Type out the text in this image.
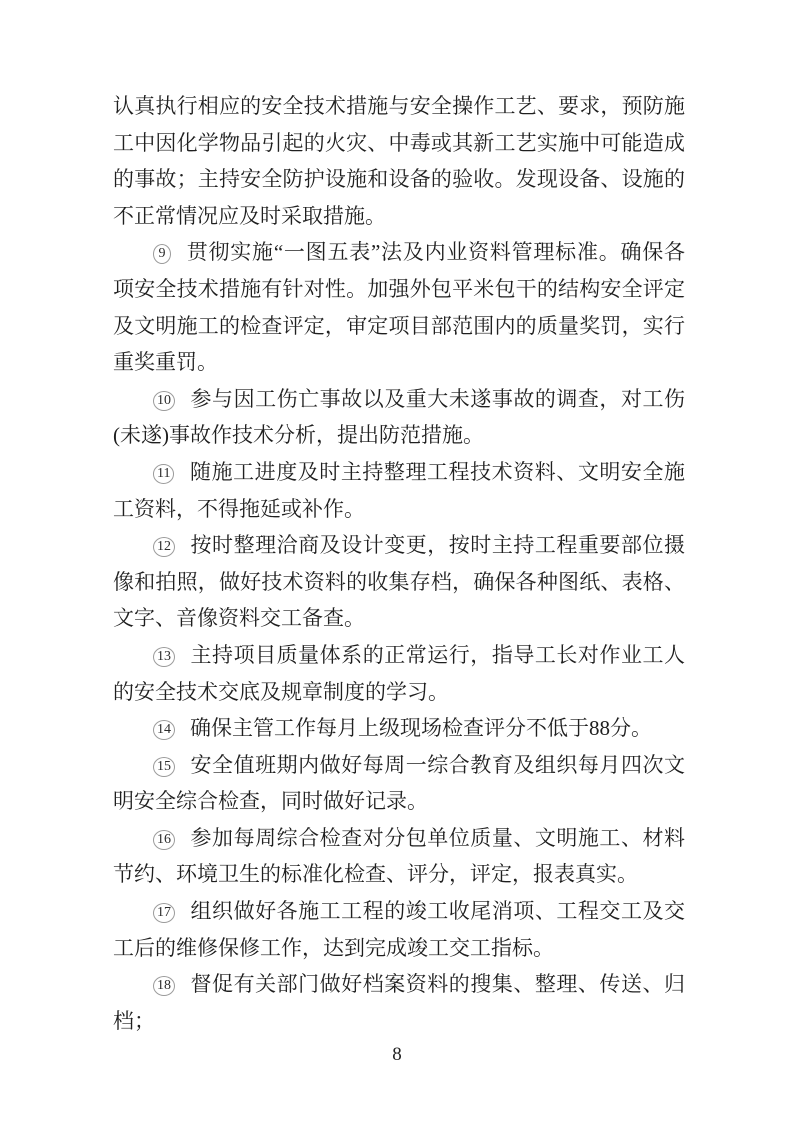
认真执行相应的安全技术措施与安全操作工艺、要求，预防施工中因化学物品引起的火灾、中毒或其新工艺实施中可能造成的事故；主持安全防护设施和设备的验收。发现设备、设施的不正常情况应及时采取措施。

9 贯彻实施“一图五表”法及内业资料管理标准。确保各项安全技术措施有针对性。加强外包平米包干的结构安全评定及文明施工的检查评定，审定项目部范围内的质量奖罚，实行重奖重罚。

10 参与因工伤亡事故以及重大未遂事故的调查，对工伤(未遂)事故作技术分析，提出防范措施。

11 随施工进度及时主持整理工程技术资料、文明安全施工资料，不得拖延或补作。

12 按时整理洽商及设计变更，按时主持工程重要部位摄像和拍照，做好技术资料的收集存档，确保各种图纸、表格、文字、音像资料交工备查。

13 主持项目质量体系的正常运行，指导工长对作业工人的安全技术交底及规章制度的学习。

14 确保主管工作每月上级现场检查评分不低于88分。

15 安全值班期内做好每周一综合教育及组织每月四次文明安全综合检查，同时做好记录。

16 参加每周综合检查对分包单位质量、文明施工、材料节约、环境卫生的标准化检查、评分，评定，报表真实。

17 组织做好各施工工程的竣工收尾消项、工程交工及交工后的维修保修工作，达到完成竣工交工指标。

18 督促有关部门做好档案资料的搜集、整理、传送、归档；

8
